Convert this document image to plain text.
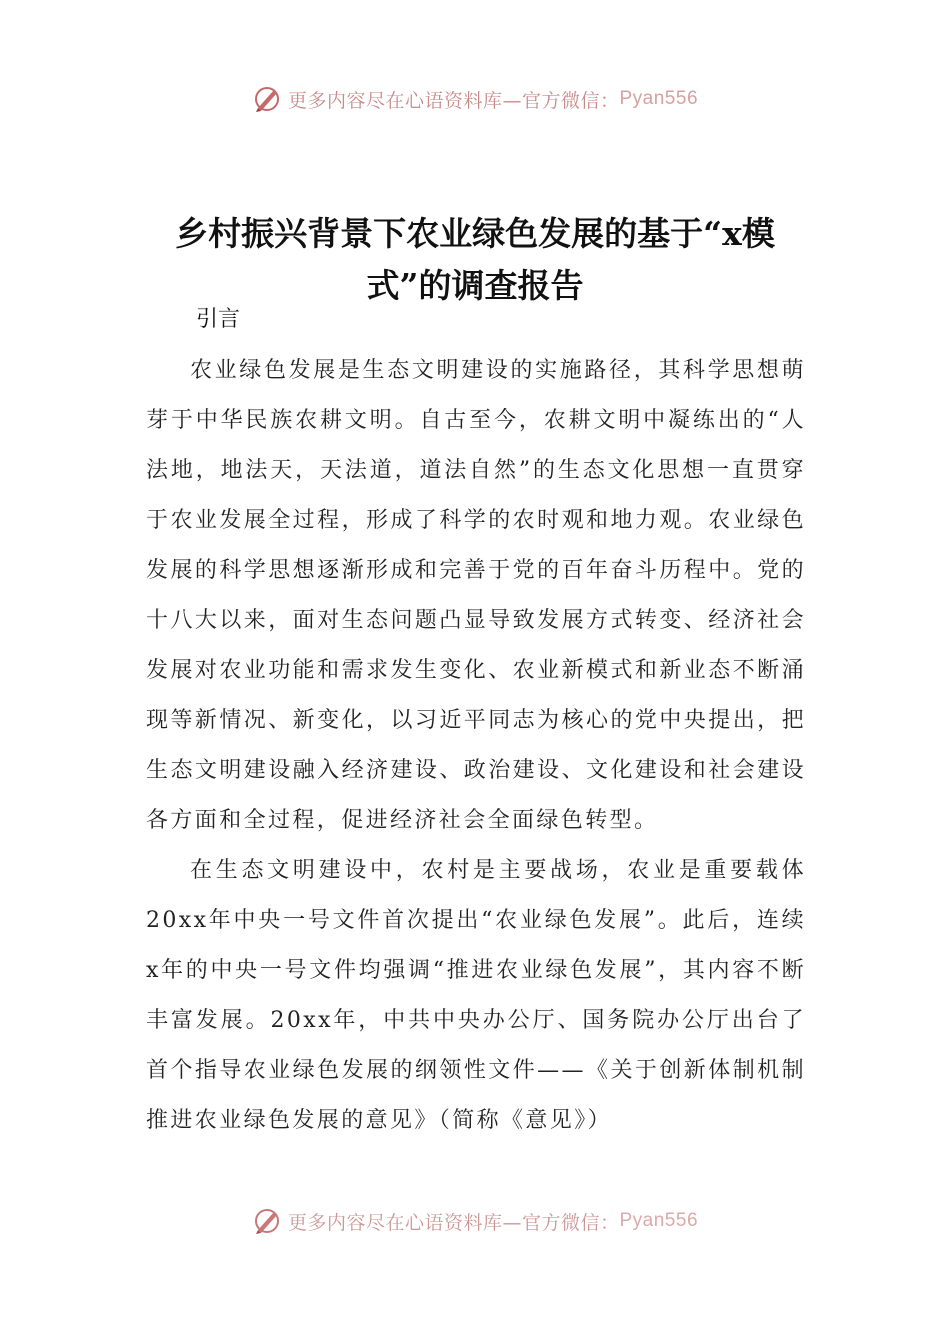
更多内容尽在心语资料库—官方微信： Pyan556
乡村振兴背景下农业绿色发展的基于“x模式”的调查报告
引言

农业绿色发展是生态文明建设的实施路径，其科学思想萌芽于中华民族农耕文明。自古至今，农耕文明中凝练出的“人法地，地法天，天法道，道法自然”的生态文化思想一直贯穿于农业发展全过程，形成了科学的农时观和地力观。农业绿色发展的科学思想逐渐形成和完善于党的百年奋斗历程中。党的十八大以来，面对生态问题凸显导致发展方式转变、经济社会发展对农业功能和需求发生变化、农业新模式和新业态不断涌现等新情况、新变化，以习近平同志为核心的党中央提出，把生态文明建设融入经济建设、政治建设、文化建设和社会建设各方面和全过程，促进经济社会全面绿色转型。

在生态文明建设中，农村是主要战场，农业是重要载体20xx年中央一号文件首次提出“农业绿色发展”。此后，连续x年的中央一号文件均强调“推进农业绿色发展”，其内容不断丰富发展。20xx年，中共中央办公厅、国务院办公厅出台了首个指导农业绿色发展的纲领性文件——《关于创新体制机制推进农业绿色发展的意见》（简称《意见》）

更多内容尽在心语资料库—官方微信： Pyan556
